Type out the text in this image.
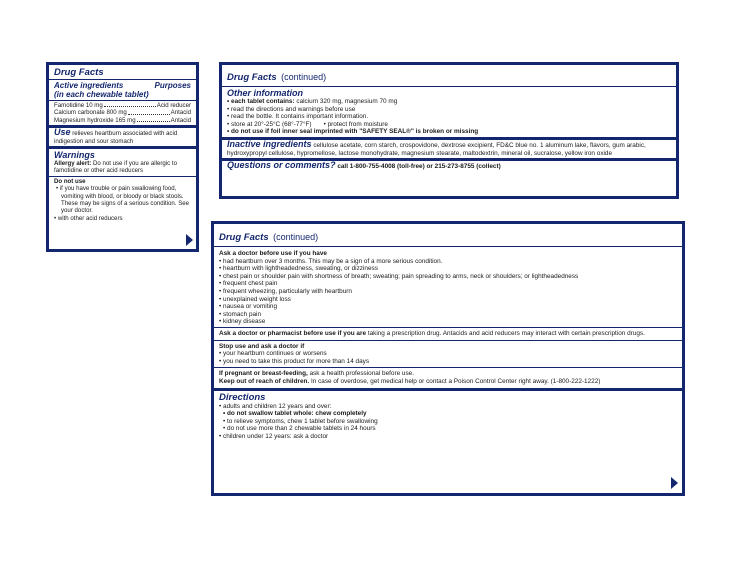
Drug Facts
Active ingredients	Purposes
(in each chewable tablet)
Famotidine 10 mg	Acid reducer
Calcium carbonate 800 mg	Antacid
Magnesium hydroxide 165 mg	Antacid
Use relieves heartburn associated with acid indigestion and sour stomach
Warnings
Allergy alert: Do not use if you are allergic to famotidine or other acid reducers
Do not use
• if you have trouble or pain swallowing food, vomiting with blood, or bloody or black stools. These may be signs of a serious condition. See your doctor.
• with other acid reducers
Drug Facts (continued)
Other information
• each tablet contains: calcium 320 mg, magnesium 70 mg
• read the directions and warnings before use
• read the bottle. It contains important information.
• store at 20°-25°C (68°-77°F) • protect from moisture
• do not use if foil inner seal imprinted with "SAFETY SEAL®" is broken or missing
Inactive ingredients cellulose acetate, corn starch, crospovidone, dextrose excipient, FD&C blue no. 1 aluminum lake, flavors, gum arabic, hydroxypropyl cellulose, hypromellose, lactose monohydrate, magnesium stearate, maltodextrin, mineral oil, sucralose, yellow iron oxide
Questions or comments? call 1-800-755-4008 (toll-free) or 215-273-8755 (collect)
Drug Facts (continued)
Ask a doctor before use if you have
• had heartburn over 3 months. This may be a sign of a more serious condition.
• heartburn with lightheadedness, sweating, or dizziness
• chest pain or shoulder pain with shortness of breath; sweating; pain spreading to arms, neck or shoulders; or lightheadedness
• frequent chest pain
• frequent wheezing, particularly with heartburn
• unexplained weight loss
• nausea or vomiting
• stomach pain
• kidney disease
Ask a doctor or pharmacist before use if you are taking a prescription drug. Antacids and acid reducers may interact with certain prescription drugs.
Stop use and ask a doctor if
• your heartburn continues or worsens
• you need to take this product for more than 14 days
If pregnant or breast-feeding, ask a health professional before use.
Keep out of reach of children. In case of overdose, get medical help or contact a Poison Control Center right away. (1-800-222-1222)
Directions
• adults and children 12 years and over:
• do not swallow tablet whole: chew completely
• to relieve symptoms, chew 1 tablet before swallowing
• do not use more than 2 chewable tablets in 24 hours
• children under 12 years: ask a doctor
